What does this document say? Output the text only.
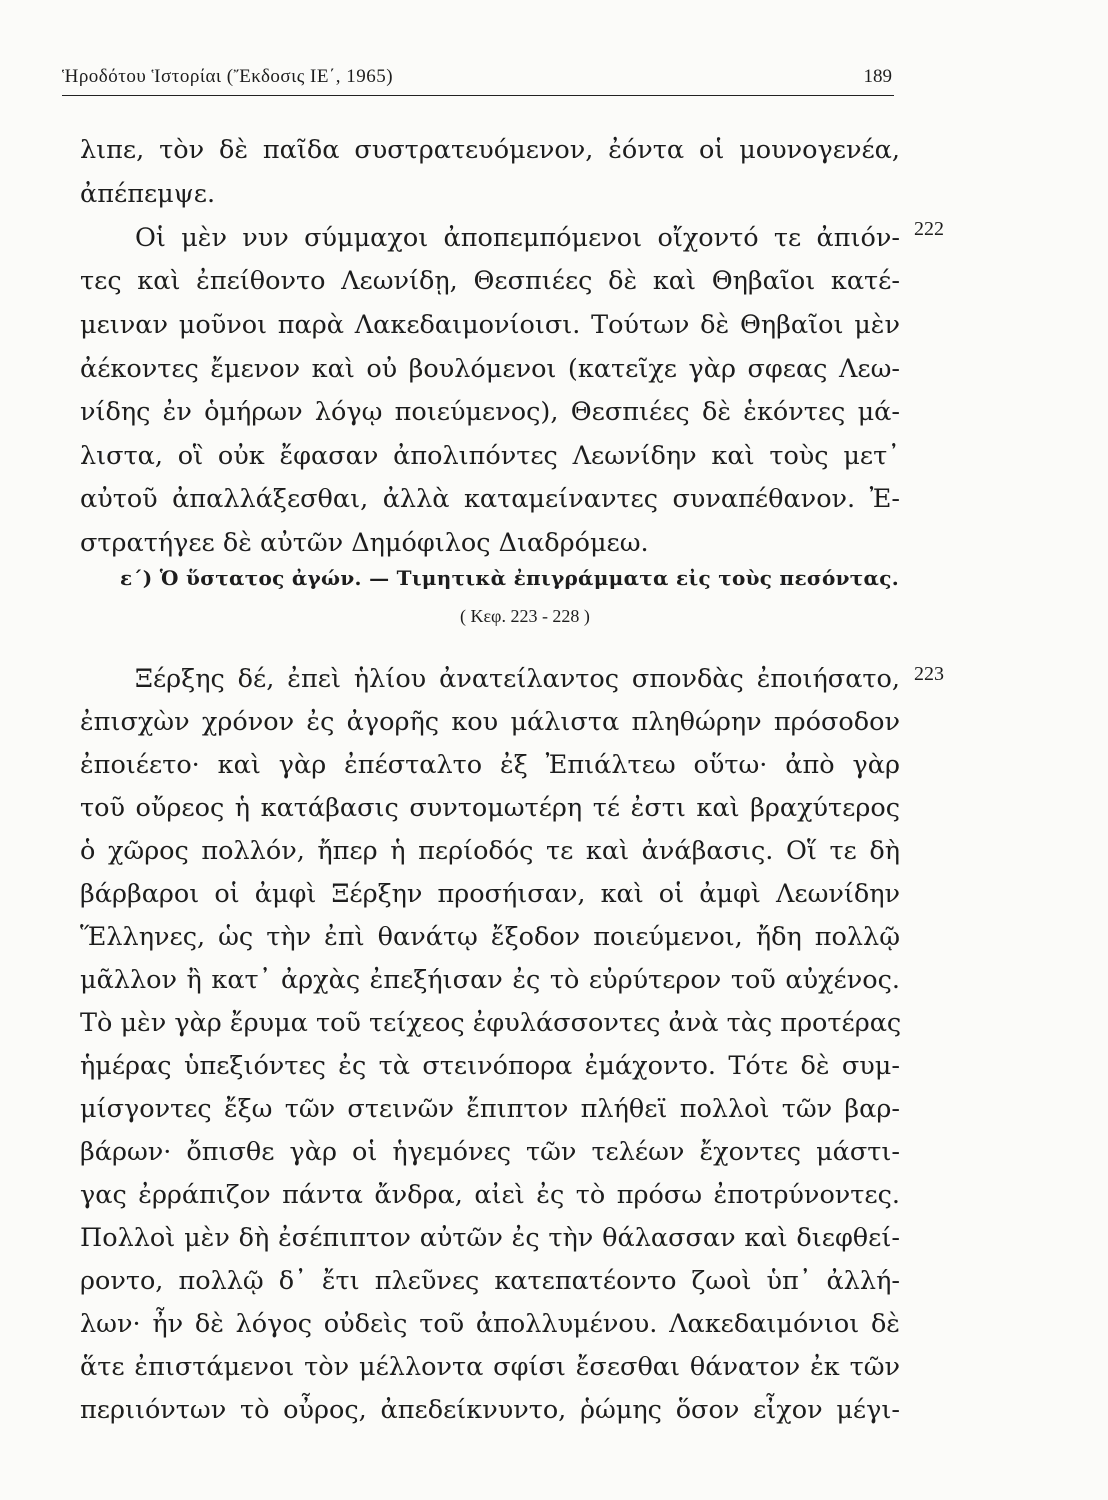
Ἡροδότου Ἱστορίαι (Ἔκδοσις ΙΕ΄, 1965)	189
λιπε, τὸν δὲ παῖδα συστρατευόμενον, ἐόντα οἱ μουνογενέα,
ἀπέπεμψε.
Οἱ μὲν νυν σύμμαχοι ἀποπεμπόμενοι οἴχοντό τε ἀπιόν-
τες καὶ ἐπείθοντο Λεωνίδῃ, Θεσπιέες δὲ καὶ Θηβαῖοι κατέ-
μειναν μοῦνοι παρὰ Λακεδαιμονίοισι. Τούτων δὲ Θηβαῖοι μὲν
ἀέκοντες ἔμενον καὶ οὐ βουλόμενοι (κατεῖχε γὰρ σφεας Λεω-
νίδης ἐν ὁμήρων λόγῳ ποιεύμενος), Θεσπιέες δὲ ἑκόντες μά-
λιστα, οἳ οὐκ ἔφασαν ἀπολιπόντες Λεωνίδην καὶ τοὺς μετ᾽
αὐτοῦ ἀπαλλάξεσθαι, ἀλλὰ καταμείναντες συναπέθανον. Ἐ-
στρατήγεε δὲ αὐτῶν Δημόφιλος Διαδρόμεω.
222
ε΄) Ὁ ὕστατος ἀγών. — Τιμητικὰ ἐπιγράμματα εἰς τοὺς πεσόντας.
( Κεφ. 223 - 228 )
Ξέρξης δέ, ἐπεὶ ἡλίου ἀνατείλαντος σπονδὰς ἐποιήσατο,
ἐπισχὼν χρόνον ἐς ἀγορῆς κου μάλιστα πληθώρην πρόσοδον
ἐποιέετο· καὶ γὰρ ἐπέσταλτο ἐξ Ἐπιάλτεω οὕτω· ἀπὸ γὰρ
τοῦ οὔρεος ἡ κατάβασις συντομωτέρη τέ ἐστι καὶ βραχύτερος
ὁ χῶρος πολλόν, ἤπερ ἡ περίοδός τε καὶ ἀνάβασις. Οἵ τε δὴ
βάρβαροι οἱ ἀμφὶ Ξέρξην προσήισαν, καὶ οἱ ἀμφὶ Λεωνίδην
Ἕλληνες, ὡς τὴν ἐπὶ θανάτῳ ἔξοδον ποιεύμενοι, ἤδη πολλῷ
μᾶλλον ἢ κατ᾽ ἀρχὰς ἐπεξήισαν ἐς τὸ εὐρύτερον τοῦ αὐχένος.
Τὸ μὲν γὰρ ἔρυμα τοῦ τείχεος ἐφυλάσσοντες ἀνὰ τὰς προτέρας
ἡμέρας ὑπεξιόντες ἐς τὰ στεινόπορα ἐμάχοντο. Τότε δὲ συμ-
μίσγοντες ἔξω τῶν στεινῶν ἔπιπτον πλήθεϊ πολλοὶ τῶν βαρ-
βάρων· ὄπισθε γὰρ οἱ ἡγεμόνες τῶν τελέων ἔχοντες μάστι-
γας ἐρράπιζον πάντα ἄνδρα, αἰεὶ ἐς τὸ πρόσω ἐποτρύνοντες.
Πολλοὶ μὲν δὴ ἐσέπιπτον αὐτῶν ἐς τὴν θάλασσαν καὶ διεφθεί-
ροντο, πολλῷ δ᾽ ἔτι πλεῦνες κατεπατέοντο ζωοὶ ὑπ᾽ ἀλλή-
λων· ἦν δὲ λόγος οὐδεὶς τοῦ ἀπολλυμένου. Λακεδαιμόνιοι δὲ
ἅτε ἐπιστάμενοι τὸν μέλλοντα σφίσι ἔσεσθαι θάνατον ἐκ τῶν
περιιόντων τὸ οὖρος, ἀπεδείκνυντο, ῥώμης ὅσον εἶχον μέγι-
223
